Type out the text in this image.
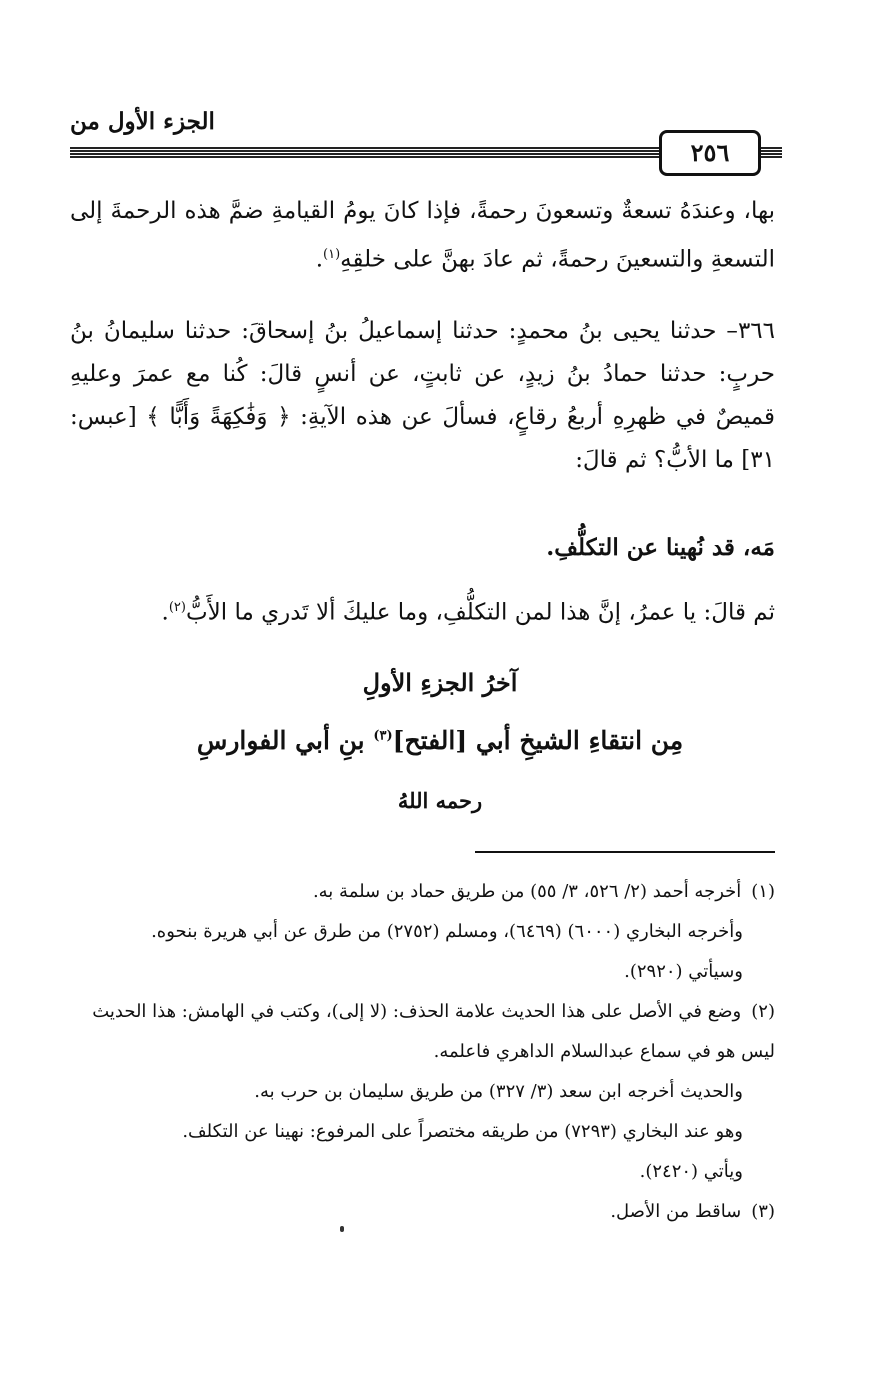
الجزء الأول من
٢٥٦

بها، وعندَهُ تسعةٌ وتسعونَ رحمةً، فإذا كانَ يومُ القيامةِ ضمَّ هذه الرحمةَ إلى التسعةِ والتسعينَ رحمةً، ثم عادَ بهنَّ على خلقِهِ$^{(١)}$.

٣٦٦– حدثنا يحيى بنُ محمدٍ: حدثنا إسماعيلُ بنُ إسحاقَ: حدثنا سليمانُ بنُ حربٍ: حدثنا حمادُ بنُ زيدٍ، عن ثابتٍ، عن أنسٍ قالَ: كُنا مع عمرَ وعليهِ قميصٌ في ظهرِهِ أربعُ رقاعٍ، فسألَ عن هذه الآيةِ: ﴿ وَفَٰكِهَةً وَأَبًّا ﴾ [عبس: ٣١] ما الأبُّ؟ ثم قالَ:

مَه، قد نُهينا عن التكلُّفِ.

ثم قالَ: يا عمرُ، إنَّ هذا لمن التكلُّفِ، وما عليكَ ألا تَدري ما الأَبُّ$^{(٢)}$.

آخرُ الجزءِ الأولِ
مِن انتقاءِ الشيخِ أبي [الفتح]$^{(٣)}$ بنِ أبي الفوارسِ
رحمه اللهُ

(١) أخرجه أحمد (٢/ ٥٢٦، ٣/ ٥٥) من طريق حماد بن سلمة به.

وأخرجه البخاري (٦٠٠٠) (٦٤٦٩)، ومسلم (٢٧٥٢) من طرق عن أبي هريرة بنحوه.

وسيأتي (٢٩٢٠).

(٢) وضع في الأصل على هذا الحديث علامة الحذف: (لا إلى)، وكتب في الهامش: هذا الحديث ليس هو في سماع عبدالسلام الداهري فاعلمه.

والحديث أخرجه ابن سعد (٣/ ٣٢٧) من طريق سليمان بن حرب به.

وهو عند البخاري (٧٢٩٣) من طريقه مختصراً على المرفوع: نهينا عن التكلف.

ويأتي (٢٤٢٠).

(٣) ساقط من الأصل.
